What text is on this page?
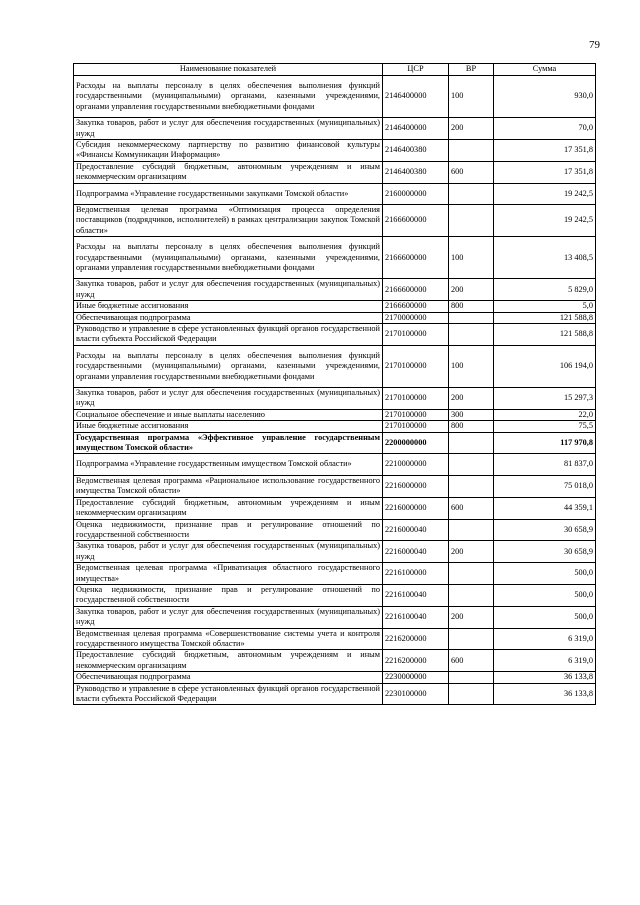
79
Наименование показателей	ЦСР	ВР	Сумма
Расходы на выплаты персоналу в целях обеспечения выполнения функций государственными (муниципальными) органами, казенными учреждениями, органами управления государственными внебюджетными фондами	2146400000	100	930,0
Закупка товаров, работ и услуг для обеспечения государственных (муниципальных) нужд	2146400000	200	70,0
Субсидия некоммерческому партнерству по развитию финансовой культуры «Финансы Коммуникации Информация»	2146400380		17 351,8
Предоставление субсидий бюджетным, автономным учреждениям и иным некоммерческим организациям	2146400380	600	17 351,8
Подпрограмма «Управление государственными закупками Томской области»	2160000000		19 242,5
Ведомственная целевая программа «Оптимизация процесса определения поставщиков (подрядчиков, исполнителей) в рамках централизации закупок Томской области»	2166600000		19 242,5
Расходы на выплаты персоналу в целях обеспечения выполнения функций государственными (муниципальными) органами, казенными учреждениями, органами управления государственными внебюджетными фондами	2166600000	100	13 408,5
Закупка товаров, работ и услуг для обеспечения государственных (муниципальных) нужд	2166600000	200	5 829,0
Иные бюджетные ассигнования	2166600000	800	5,0
Обеспечивающая подпрограмма	2170000000		121 588,8
Руководство и управление в сфере установленных функций органов государственной власти субъекта Российской Федерации	2170100000		121 588,8
Расходы на выплаты персоналу в целях обеспечения выполнения функций государственными (муниципальными) органами, казенными учреждениями, органами управления государственными внебюджетными фондами	2170100000	100	106 194,0
Закупка товаров, работ и услуг для обеспечения государственных (муниципальных) нужд	2170100000	200	15 297,3
Социальное обеспечение и иные выплаты населению	2170100000	300	22,0
Иные бюджетные ассигнования	2170100000	800	75,5
Государственная программа «Эффективное управление государственным имуществом Томской области»	2200000000		117 970,8
Подпрограмма «Управление государственным имуществом Томской области»	2210000000		81 837,0
Ведомственная целевая программа «Рациональное использование государственного имущества Томской области»	2216000000		75 018,0
Предоставление субсидий бюджетным, автономным учреждениям и иным некоммерческим организациям	2216000000	600	44 359,1
Оценка недвижимости, признание прав и регулирование отношений по государственной собственности	2216000040		30 658,9
Закупка товаров, работ и услуг для обеспечения государственных (муниципальных) нужд	2216000040	200	30 658,9
Ведомственная целевая программа «Приватизация областного государственного имущества»	2216100000		500,0
Оценка недвижимости, признание прав и регулирование отношений по государственной собственности	2216100040		500,0
Закупка товаров, работ и услуг для обеспечения государственных (муниципальных) нужд	2216100040	200	500,0
Ведомственная целевая программа «Совершенствование системы учета и контроля государственного имущества Томской области»	2216200000		6 319,0
Предоставление субсидий бюджетным, автономным учреждениям и иным некоммерческим организациям	2216200000	600	6 319,0
Обеспечивающая подпрограмма	2230000000		36 133,8
Руководство и управление в сфере установленных функций органов государственной власти субъекта Российской Федерации	2230100000		36 133,8
